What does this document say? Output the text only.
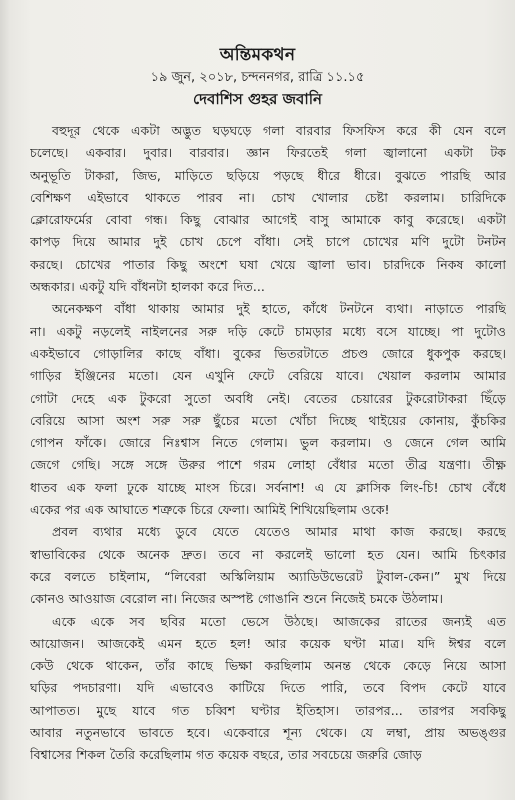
অন্তিমকথন
১৯ জুন, ২০১৮, চন্দননগর, রাত্রি ১১.১৫
দেবাশিস গুহর জবানি
বহুদূর থেকে একটা অদ্ভুত ঘড়ঘড়ে গলা বারবার ফিসফিস করে কী যেন বলে
চলেছে। একবার। দুবার। বারবার। জ্ঞান ফিরতেই গলা জ্বালানো একটা টক
অনুভূতি টাকরা, জিভ, মাড়িতে ছড়িয়ে পড়ছে ধীরে ধীরে। বুঝতে পারছি আর
বেশিক্ষণ এইভাবে থাকতে পারব না। চোখ খোলার চেষ্টা করলাম। চারিদিকে
ক্লোরোফর্মের বোবা গন্ধ। কিছু বোঝার আগেই বাসু আমাকে কাবু করেছে। একটা
কাপড় দিয়ে আমার দুই চোখ চেপে বাঁধা। সেই চাপে চোখের মণি দুটো টনটন
করছে। চোখের পাতার কিছু অংশে ঘষা খেয়ে জ্বালা ভাব। চারদিকে নিকষ কালো
অন্ধকার। একটু যদি বাঁধনটা হালকা করে দিত...
অনেকক্ষণ বাঁধা থাকায় আমার দুই হাতে, কাঁধে টনটনে ব্যথা। নাড়াতে পারছি
না। একটু নড়লেই নাইলনের সরু দড়ি কেটে চামড়ার মধ্যে বসে যাচ্ছে। পা দুটোও
একইভাবে গোড়ালির কাছে বাঁধা। বুকের ভিতরটাতে প্রচণ্ড জোরে ধুকপুক করছে।
গাড়ির ইঞ্জিনের মতো। যেন এখুনি ফেটে বেরিয়ে যাবে। খেয়াল করলাম আমার
গোটা দেহে এক টুকরো সুতো অবধি নেই। বেতের চেয়ারের টুকরোটাকরা ছিঁড়ে
বেরিয়ে আসা অংশ সরু সরু ছুঁচের মতো খোঁচা দিচ্ছে থাইয়ের কোনায়, কুঁচকির
গোপন ফাঁকে। জোরে নিঃশ্বাস নিতে গেলাম। ভুল করলাম। ও জেনে গেল আমি
জেগে গেছি। সঙ্গে সঙ্গে উরুর পাশে গরম লোহা বেঁধার মতো তীব্র যন্ত্রণা। তীক্ষ্ণ
ধাতব এক ফলা ঢুকে যাচ্ছে মাংস চিরে। সর্বনাশ! এ যে ক্লাসিক লিং-চি! চোখ বেঁধে
একের পর এক আঘাতে শত্রুকে চিরে ফেলা। আমিই শিখিয়েছিলাম ওকে!
প্রবল ব্যথার মধ্যে ডুবে যেতে যেতেও আমার মাথা কাজ করছে। করছে
স্বাভাবিকের থেকে অনেক দ্রুত। তবে না করলেই ভালো হত যেন। আমি চিৎকার
করে বলতে চাইলাম, “লিবেরা অস্কিলিয়াম অ্যাডিউভেরেট টুবাল-কেন।” মুখ দিয়ে
কোনও আওয়াজ বেরোল না। নিজের অস্পষ্ট গোঙানি শুনে নিজেই চমকে উঠলাম।
একে একে সব ছবির মতো ভেসে উঠছে। আজকের রাতের জন্যই এত
আয়োজন। আজকেই এমন হতে হল! আর কয়েক ঘণ্টা মাত্র। যদি ঈশ্বর বলে
কেউ থেকে থাকেন, তাঁর কাছে ভিক্ষা করছিলাম অনন্ত থেকে কেড়ে নিয়ে আসা
ঘড়ির পদচারণা। যদি এভাবেও কাটিয়ে দিতে পারি, তবে বিপদ কেটে যাবে
আপাতত। মুছে যাবে গত চব্বিশ ঘণ্টার ইতিহাস। তারপর... তারপর সবকিছু
আবার নতুনভাবে ভাবতে হবে। একেবারে শূন্য থেকে। যে লম্বা, প্রায় অভঙ্গুর
বিশ্বাসের শিকল তৈরি করেছিলাম গত কয়েক বছরে, তার সবচেয়ে জরুরি জোড়
